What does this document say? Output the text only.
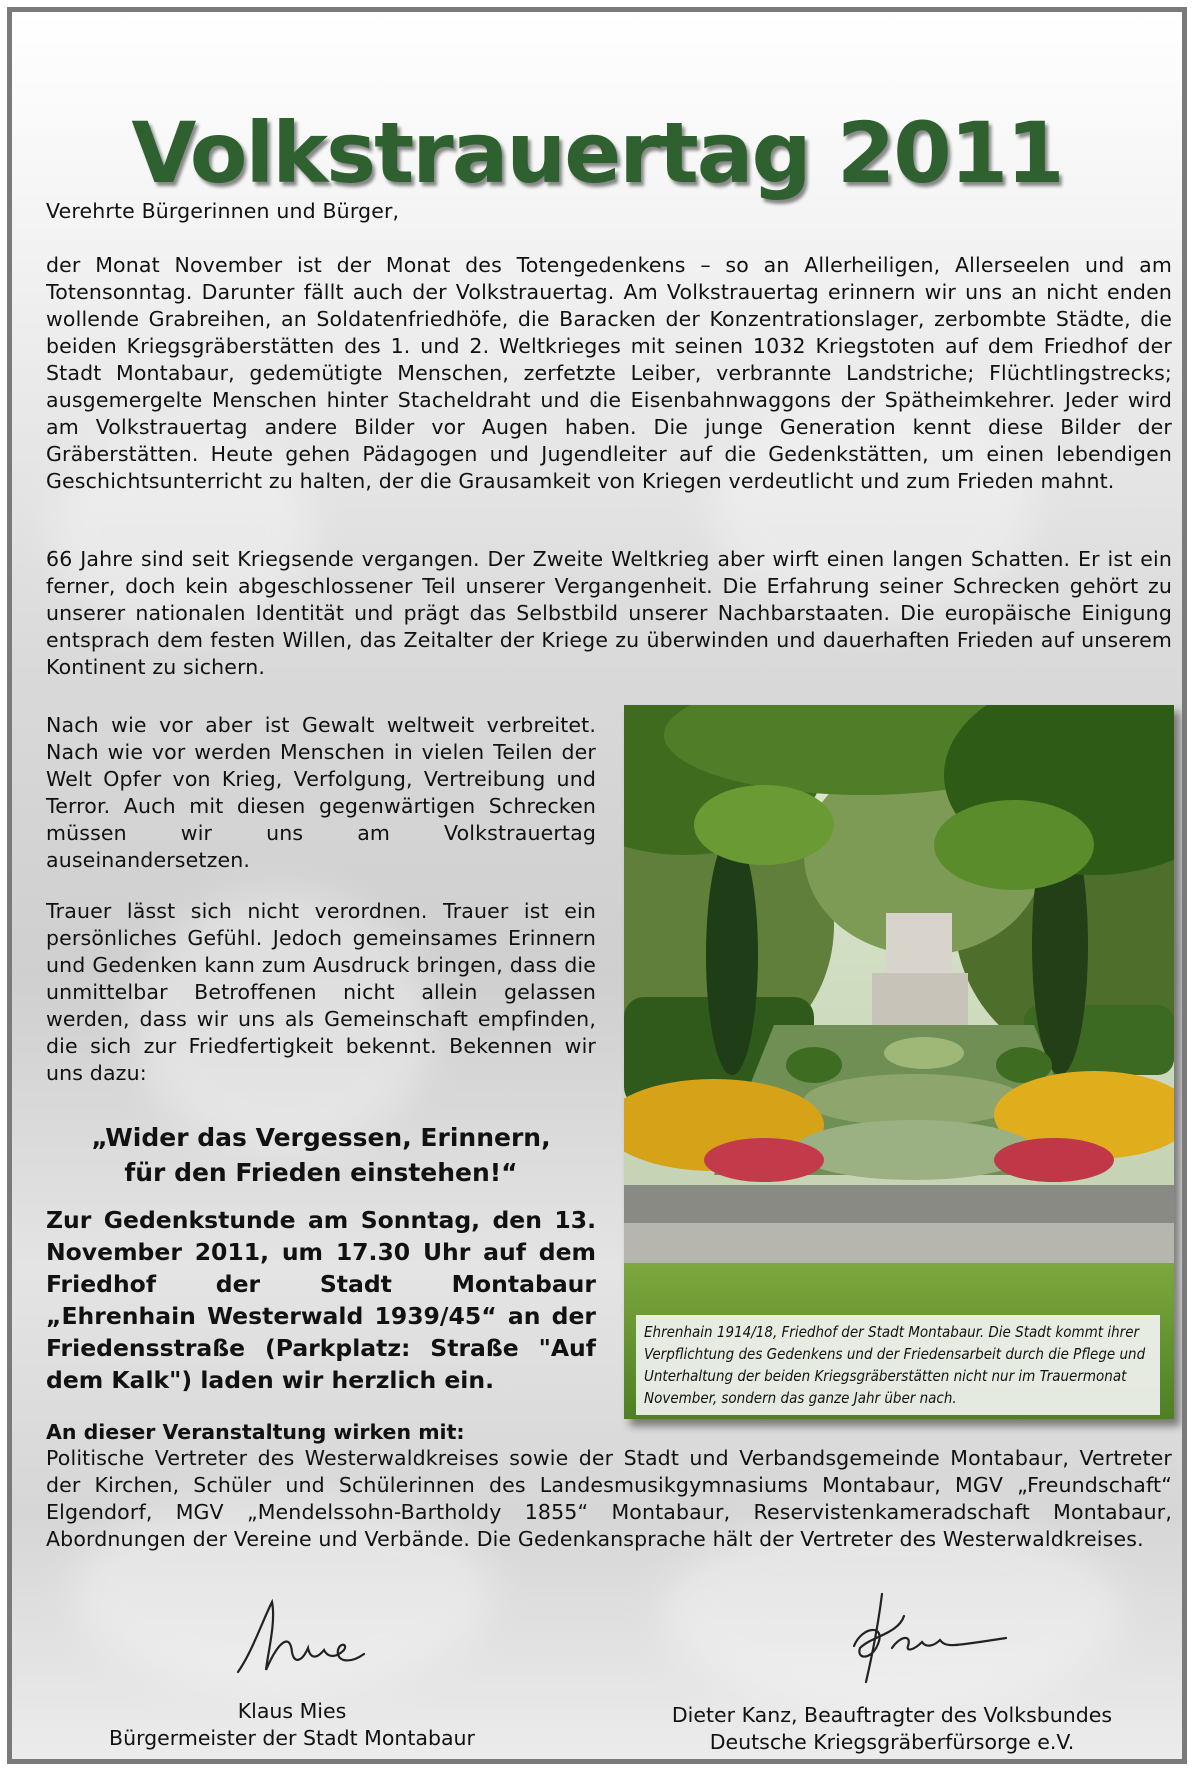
Volkstrauertag 2011

Verehrte Bürgerinnen und Bürger,

der Monat November ist der Monat des Totengedenkens – so an Allerheiligen, Allerseelen und am Totensonntag. Darunter fällt auch der Volkstrauertag. Am Volkstrauertag erinnern wir uns an nicht enden wollende Grabreihen, an Soldatenfriedhöfe, die Baracken der Konzentrationslager, zerbombte Städte, die beiden Kriegsgräberstätten des 1. und 2. Weltkrieges mit seinen 1032 Kriegstoten auf dem Friedhof der Stadt Montabaur, gedemütigte Menschen, zerfetzte Leiber, verbrannte Landstriche; Flüchtlingstrecks; ausgemergelte Menschen hinter Stacheldraht und die Eisenbahnwaggons der Spätheimkehrer. Jeder wird am Volkstrauertag andere Bilder vor Augen haben. Die junge Generation kennt diese Bilder der Gräberstätten. Heute gehen Pädagogen und Jugendleiter auf die Gedenkstätten, um einen lebendigen Geschichtsunterricht zu halten, der die Grausamkeit von Kriegen verdeutlicht und zum Frieden mahnt.

66 Jahre sind seit Kriegsende vergangen. Der Zweite Weltkrieg aber wirft einen langen Schatten. Er ist ein ferner, doch kein abgeschlossener Teil unserer Vergangenheit. Die Erfahrung seiner Schrecken gehört zu unserer nationalen Identität und prägt das Selbstbild unserer Nachbarstaaten. Die europäische Einigung entsprach dem festen Willen, das Zeitalter der Kriege zu überwinden und dauerhaften Frieden auf unserem Kontinent zu sichern.

Nach wie vor aber ist Gewalt weltweit verbreitet. Nach wie vor werden Menschen in vielen Teilen der Welt Opfer von Krieg, Verfolgung, Vertreibung und Terror. Auch mit diesen gegenwärtigen Schrecken müssen wir uns am Volkstrauertag auseinandersetzen.

Trauer lässt sich nicht verordnen. Trauer ist ein persönliches Gefühl. Jedoch gemeinsames Erinnern und Gedenken kann zum Ausdruck bringen, dass die unmittelbar Betroffenen nicht allein gelassen werden, dass wir uns als Gemeinschaft empfinden, die sich zur Friedfertigkeit bekennt. Bekennen wir uns dazu:

„Wider das Vergessen, Erinnern,
für den Frieden einstehen!“

Zur Gedenkstunde am Sonntag, den 13. November 2011, um 17.30 Uhr auf dem Friedhof der Stadt Montabaur „Ehrenhain Westerwald 1939/45“ an der Friedensstraße (Parkplatz: Straße "Auf dem Kalk") laden wir herzlich ein.

Ehrenhain 1914/18, Friedhof der Stadt Montabaur. Die Stadt kommt ihrer Verpflichtung des Gedenkens und der Friedensarbeit durch die Pflege und Unterhaltung der beiden Kriegsgräberstätten nicht nur im Trauermonat November, sondern das ganze Jahr über nach.

An dieser Veranstaltung wirken mit:

Politische Vertreter des Westerwaldkreises sowie der Stadt und Verbandsgemeinde Montabaur, Vertreter der Kirchen, Schüler und Schülerinnen des Landesmusikgymnasiums Montabaur, MGV „Freundschaft“ Elgendorf, MGV „Mendelssohn-Bartholdy 1855“ Montabaur, Reservistenkameradschaft Montabaur, Abordnungen der Vereine und Verbände. Die Gedenkansprache hält der Vertreter des Westerwaldkreises.

Klaus Mies
Bürgermeister der Stadt Montabaur
Dieter Kanz, Beauftragter des Volksbundes
Deutsche Kriegsgräberfürsorge e.V.
